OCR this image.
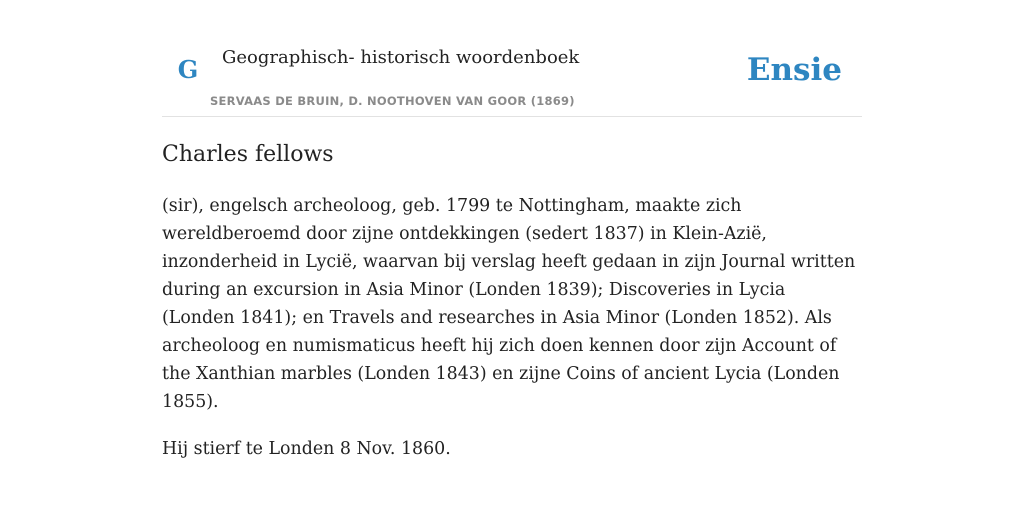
G Geographisch- historisch woordenboek
SERVAAS DE BRUIN, D. NOOTHOVEN VAN GOOR (1869)
Ensie
Charles fellows

(sir), engelsch archeoloog, geb. 1799 te Nottingham, maakte zich wereldberoemd door zijne ontdekkingen (sedert 1837) in Klein-Azië, inzonderheid in Lycië, waarvan bij verslag heeft gedaan in zijn Journal written during an excursion in Asia Minor (Londen 1839); Discoveries in Lycia (Londen 1841); en Travels and researches in Asia Minor (Londen 1852). Als archeoloog en numismaticus heeft hij zich doen kennen door zijn Account of the Xanthian marbles (Londen 1843) en zijne Coins of ancient Lycia (Londen 1855).

Hij stierf te Londen 8 Nov. 1860.
